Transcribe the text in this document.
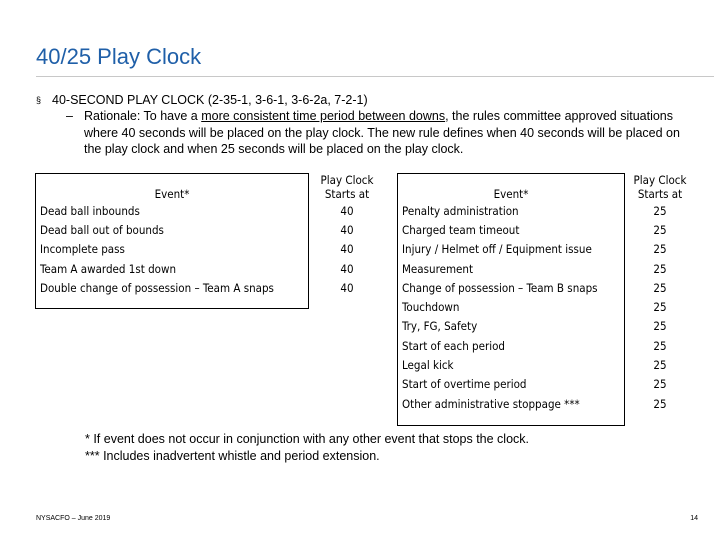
40/25 Play Clock
§ 40-SECOND PLAY CLOCK (2-35-1, 3-6-1, 3-6-2a, 7-2-1)
– Rationale: To have a more consistent time period between downs, the rules committee approved situations where 40 seconds will be placed on the play clock. The new rule defines when 40 seconds will be placed on the play clock and when 25 seconds will be placed on the play clock.
Event*	Play Clock
Starts at

Dead ball inbounds	40
Dead ball out of bounds	40
Incomplete pass	40
Team A awarded 1st down	40
Double change of possession – Team A snaps	40
Event*	Play Clock
Starts at

Penalty administration	25
Charged team timeout	25
Injury / Helmet off / Equipment issue	25
Measurement	25
Change of possession – Team B snaps	25
Touchdown	25
Try, FG, Safety	25
Start of each period	25
Legal kick	25
Start of overtime period	25
Other administrative stoppage ***	25
* If event does not occur in conjunction with any other event that stops the clock.
*** Includes inadvertent whistle and period extension.
NYSACFO – June 2019	14
